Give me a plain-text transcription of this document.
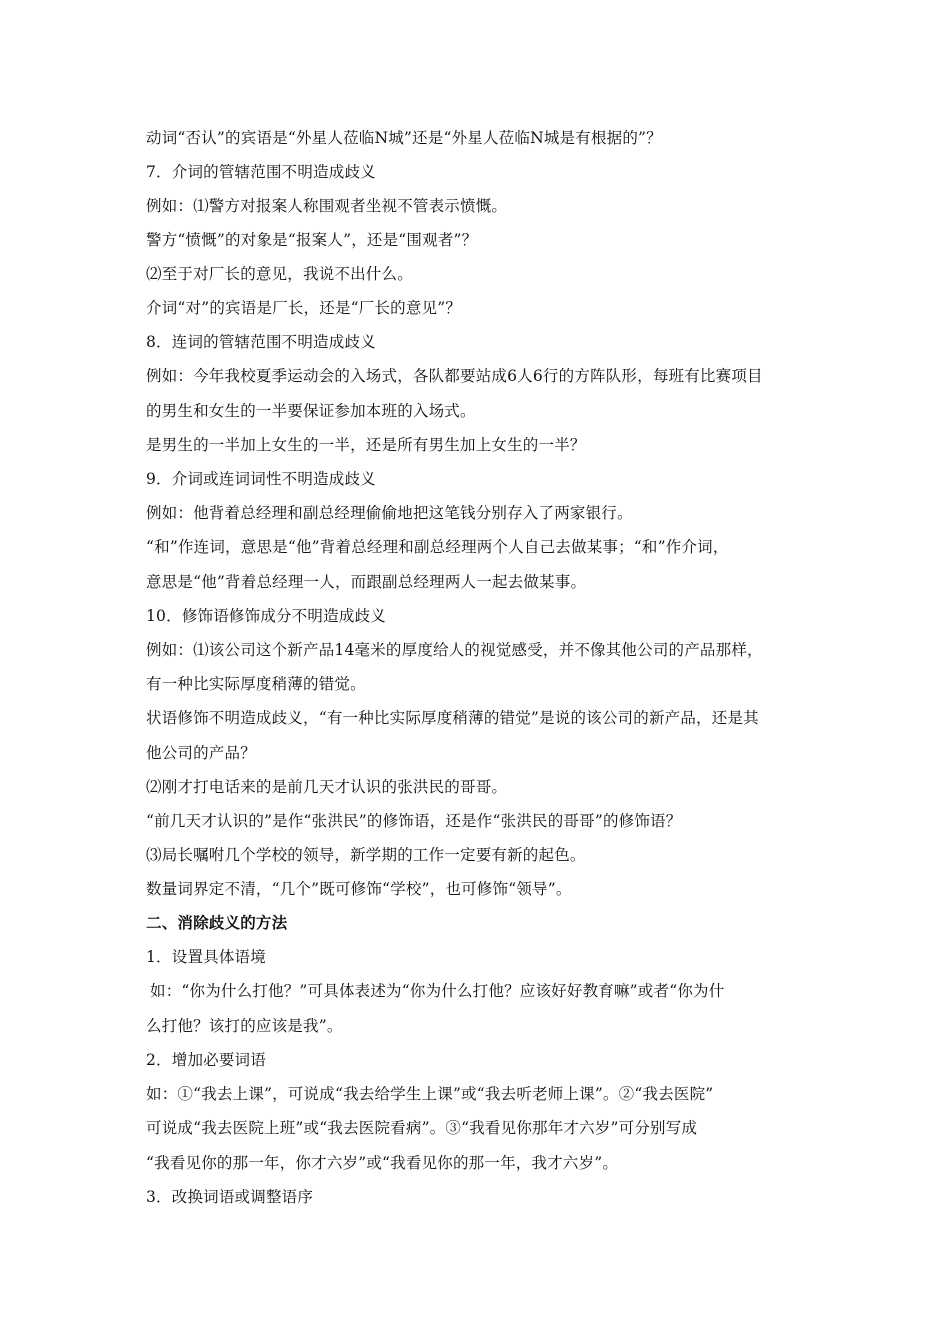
动词“否认”的宾语是“外星人莅临N城”还是“外星人莅临N城是有根据的”？
7．介词的管辖范围不明造成歧义
例如：⑴警方对报案人称围观者坐视不管表示愤慨。
警方“愤慨”的对象是“报案人”，还是“围观者”？
⑵至于对厂长的意见，我说不出什么。
介词“对”的宾语是厂长，还是“厂长的意见”？
8．连词的管辖范围不明造成歧义
例如：今年我校夏季运动会的入场式，各队都要站成6人6行的方阵队形，每班有比赛项目
的男生和女生的一半要保证参加本班的入场式。
是男生的一半加上女生的一半，还是所有男生加上女生的一半？
9．介词或连词词性不明造成歧义
例如：他背着总经理和副总经理偷偷地把这笔钱分别存入了两家银行。
“和”作连词，意思是“他”背着总经理和副总经理两个人自己去做某事；“和”作介词，
意思是“他”背着总经理一人，而跟副总经理两人一起去做某事。
10．修饰语修饰成分不明造成歧义
例如：⑴该公司这个新产品14毫米的厚度给人的视觉感受，并不像其他公司的产品那样，
有一种比实际厚度稍薄的错觉。
状语修饰不明造成歧义，“有一种比实际厚度稍薄的错觉”是说的该公司的新产品，还是其
他公司的产品？
⑵刚才打电话来的是前几天才认识的张洪民的哥哥。
“前几天才认识的”是作“张洪民”的修饰语，还是作“张洪民的哥哥”的修饰语？
⑶局长嘱咐几个学校的领导，新学期的工作一定要有新的起色。
数量词界定不清，“几个”既可修饰“学校”，也可修饰“领导”。
二、消除歧义的方法
1．设置具体语境
如：“你为什么打他？”可具体表述为“你为什么打他？应该好好教育嘛”或者“你为什
么打他？该打的应该是我”。
2．增加必要词语
如：①“我去上课”，可说成“我去给学生上课”或“我去听老师上课”。②“我去医院”
可说成“我去医院上班”或“我去医院看病”。③“我看见你那年才六岁”可分别写成
“我看见你的那一年，你才六岁”或“我看见你的那一年，我才六岁”。
3．改换词语或调整语序
